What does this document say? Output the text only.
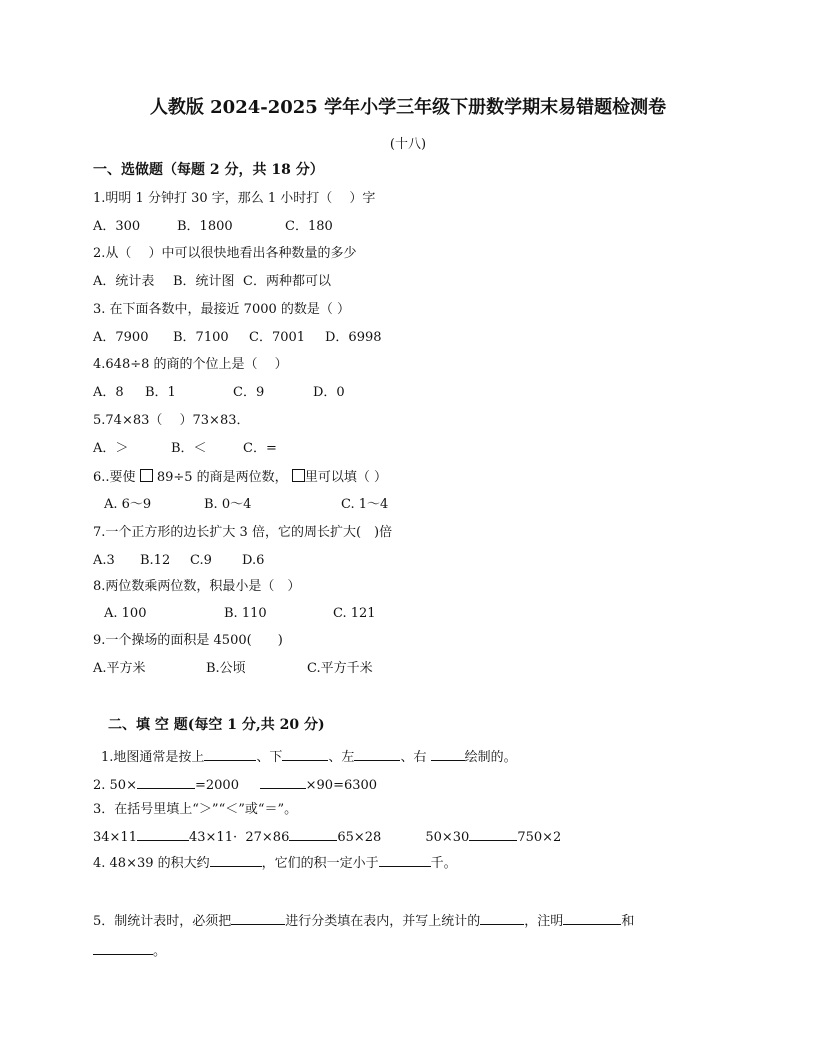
人教版 2024-2025 学年小学三年级下册数学期末易错题检测卷
(十八)
一、选做题（每题 2 分，共 18 分）
1.明明 1 分钟打 30 字，那么 1 小时打（　 ）字
A．300	B．1800	C．180
2.从（　 ）中可以很快地看出各种数量的多少
A．统计表 B．统计图 C．两种都可以
3. 在下面各数中，最接近 7000 的数是（ ）
A．7900 B．7100 C．7001 D．6998
4.648÷8 的商的个位上是（　 ）
A．8 B．1	C．9	D．0
5.74×83（　 ）73×83．
A．＞	B．＜	C．=
6..要使 89÷5 的商是两位数， 里可以填（ ）
A. 6～9	B. 0～4	C. 1～4
7.一个正方形的边长扩大 3 倍，它的周长扩大(　)倍
A.3 B.12 C.9 D.6
8.两位数乘两位数，积最小是（　）
A. 100	B. 110	C. 121
9.一个操场的面积是 4500(　　)
A.平方米	B.公顷	C.平方千米
二、填 空 题(每空 1 分,共 20 分)
1.地图通常是按上	、下	、左	、右	绘制的。
2. 50×	=2000	×90=6300
3．在括号里填上“＞”“＜”或“＝”。
34×11	43×11· 27×86	65×28	50×30	750×2
4. 48×39 的积大约	，它们的积一定小于	千。
5．制统计表时，必须把	进行分类填在表内，并写上统计的	，注明	和
。
